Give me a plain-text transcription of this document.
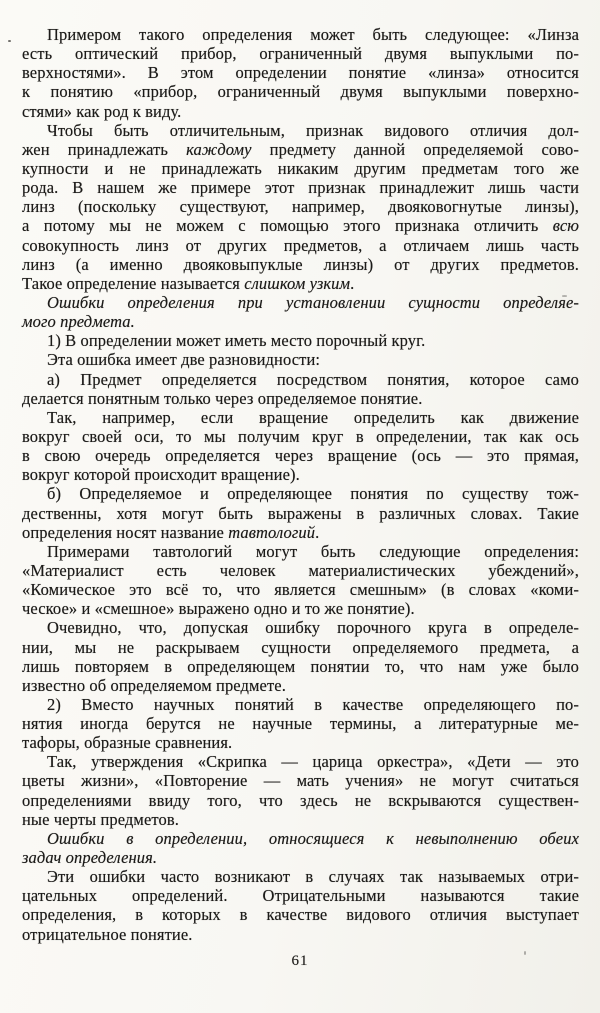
Примером такого определения может быть следующее: «Линза
есть оптический прибор, ограниченный двумя выпуклыми по-
верхностями». В этом определении понятие «линза» относится
к понятию «прибор, ограниченный двумя выпуклыми поверхно-
стями» как род к виду.
Чтобы быть отличительным, признак видового отличия дол-
жен принадлежать каждому предмету данной определяемой сово-
купности и не принадлежать никаким другим предметам того же
рода. В нашем же примере этот признак принадлежит лишь части
линз (поскольку существуют, например, двояковогнутые линзы),
а потому мы не можем с помощью этого признака отличить всю
совокупность линз от других предметов, а отличаем лишь часть
линз (а именно двояковыпуклые линзы) от других предметов.
Такое определение называется слишком узким.
Ошибки определения при установлении сущности определяе-
мого предмета.
1) В определении может иметь место порочный круг.
Эта ошибка имеет две разновидности:
а) Предмет определяется посредством понятия, которое само
делается понятным только через определяемое понятие.
Так, например, если вращение определить как движение
вокруг своей оси, то мы получим круг в определении, так как ось
в свою очередь определяется через вращение (ось — это прямая,
вокруг которой происходит вращение).
б) Определяемое и определяющее понятия по существу тож-
дественны, хотя могут быть выражены в различных словах. Такие
определения носят название тавтологий.
Примерами тавтологий могут быть следующие определения:
«Материалист есть человек материалистических убеждений»,
«Комическое это всё то, что является смешным» (в словах «коми-
ческое» и «смешное» выражено одно и то же понятие).
Очевидно, что, допуская ошибку порочного круга в определе-
нии, мы не раскрываем сущности определяемого предмета, а
лишь повторяем в определяющем понятии то, что нам уже было
известно об определяемом предмете.
2) Вместо научных понятий в качестве определяющего по-
нятия иногда берутся не научные термины, а литературные ме-
тафоры, образные сравнения.
Так, утверждения «Скрипка — царица оркестра», «Дети — это
цветы жизни», «Повторение — мать учения» не могут считаться
определениями ввиду того, что здесь не вскрываются существен-
ные черты предметов.
Ошибки в определении, относящиеся к невыполнению обеих
задач определения.
Эти ошибки часто возникают в случаях так называемых отри-
цательных определений. Отрицательными называются такие
определения, в которых в качестве видового отличия выступает
отрицательное понятие.
61
